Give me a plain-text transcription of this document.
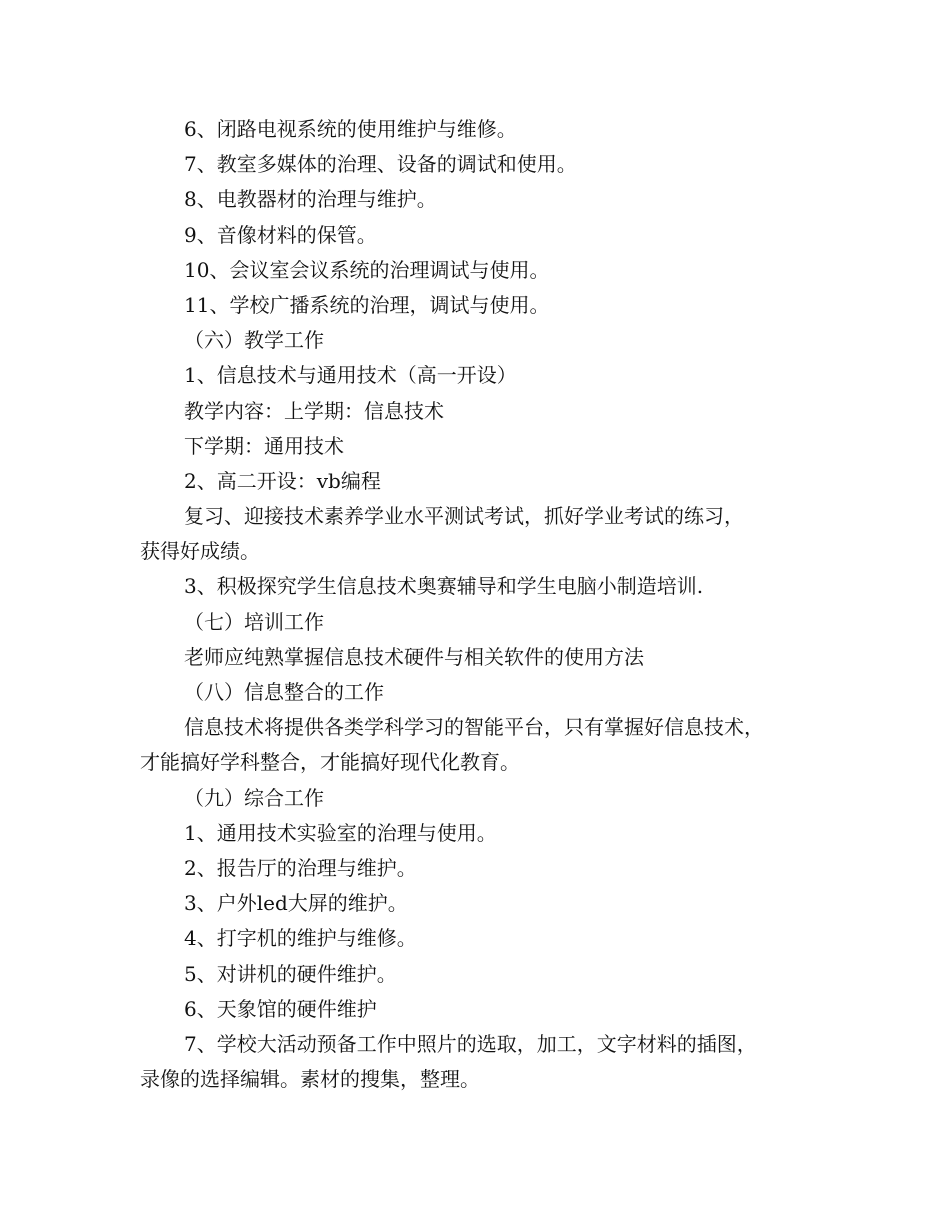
6、闭路电视系统的使用维护与维修。
7、教室多媒体的治理、设备的调试和使用。
8、电教器材的治理与维护。
9、音像材料的保管。
10、会议室会议系统的治理调试与使用。
11、学校广播系统的治理，调试与使用。
（六）教学工作
1、信息技术与通用技术（高一开设）
教学内容：上学期：信息技术
下学期：通用技术
2、高二开设：vb编程
复习、迎接技术素养学业水平测试考试，抓好学业考试的练习，
获得好成绩。
3、积极探究学生信息技术奥赛辅导和学生电脑小制造培训.
（七）培训工作
老师应纯熟掌握信息技术硬件与相关软件的使用方法
（八）信息整合的工作
信息技术将提供各类学科学习的智能平台，只有掌握好信息技术，
才能搞好学科整合，才能搞好现代化教育。
（九）综合工作
1、通用技术实验室的治理与使用。
2、报告厅的治理与维护。
3、户外led大屏的维护。
4、打字机的维护与维修。
5、对讲机的硬件维护。
6、天象馆的硬件维护
7、学校大活动预备工作中照片的选取，加工，文字材料的插图，
录像的选择编辑。素材的搜集，整理。
